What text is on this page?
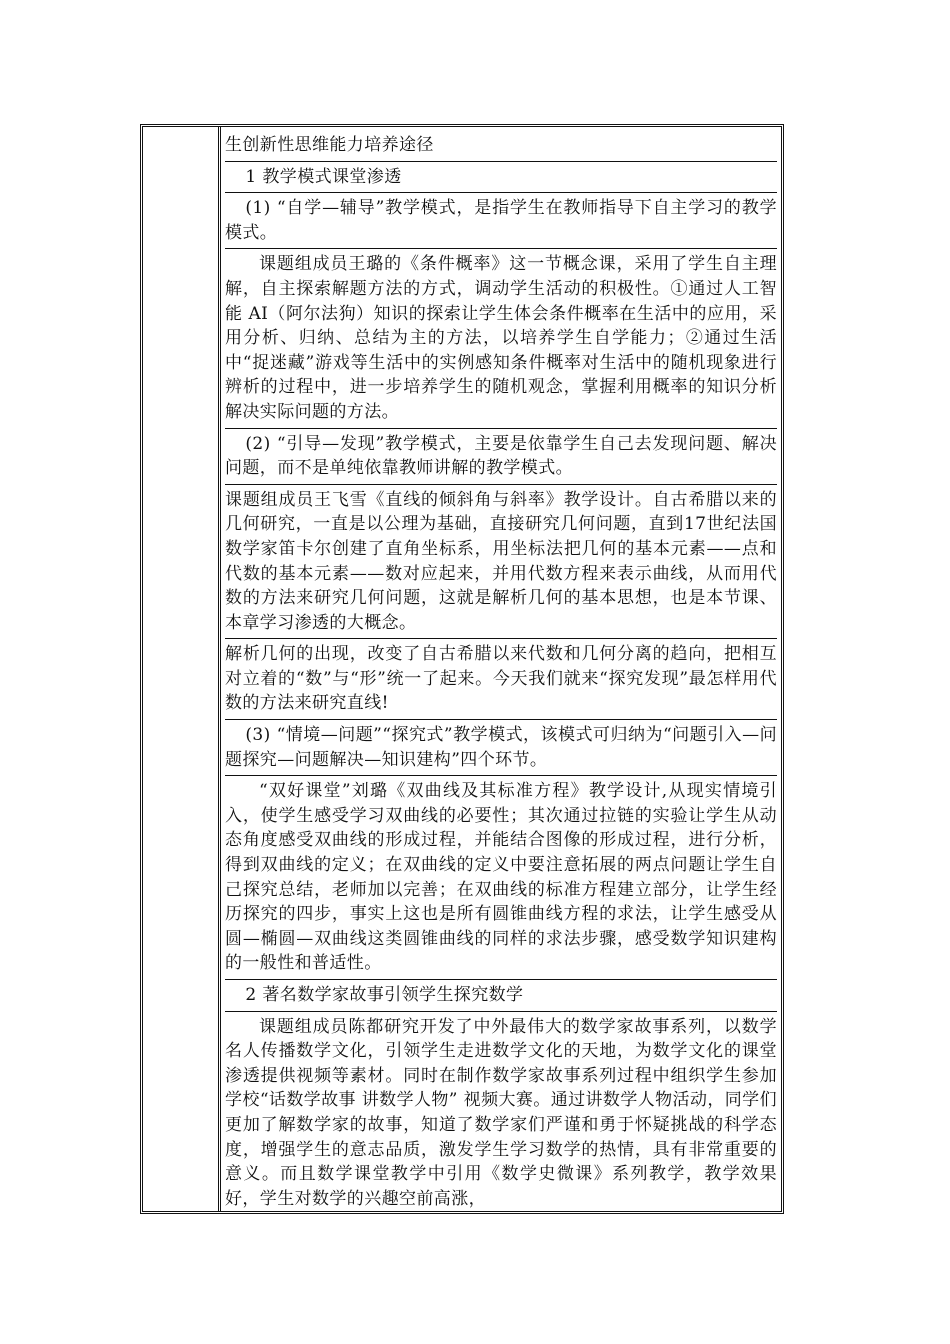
生创新性思维能力培养途径

1 教学模式课堂渗透

(1) “自学—辅导”教学模式，是指学生在教师指导下自主学习的教学模式。

课题组成员王璐的《条件概率》这一节概念课，采用了学生自主理解，自主探索解题方法的方式，调动学生活动的积极性。①通过人工智能 AI（阿尔法狗）知识的探索让学生体会条件概率在生活中的应用，采用分析、归纳、总结为主的方法，以培养学生自学能力；②通过生活中“捉迷藏”游戏等生活中的实例感知条件概率对生活中的随机现象进行辨析的过程中，进一步培养学生的随机观念，掌握利用概率的知识分析解决实际问题的方法。

(2) “引导—发现”教学模式，主要是依靠学生自己去发现问题、解决问题，而不是单纯依靠教师讲解的教学模式。

课题组成员王飞雪《直线的倾斜角与斜率》教学设计。自古希腊以来的几何研究，一直是以公理为基础，直接研究几何问题，直到17世纪法国数学家笛卡尔创建了直角坐标系，用坐标法把几何的基本元素——点和代数的基本元素——数对应起来，并用代数方程来表示曲线，从而用代数的方法来研究几何问题，这就是解析几何的基本思想，也是本节课、本章学习渗透的大概念。

解析几何的出现，改变了自古希腊以来代数和几何分离的趋向，把相互对立着的“数”与“形”统一了起来。今天我们就来“探究发现”最怎样用代数的方法来研究直线!

(3) “情境—问题”“探究式”教学模式，该模式可归纳为“问题引入—问题探究—问题解决—知识建构”四个环节。

“双好课堂”刘璐《双曲线及其标准方程》教学设计,从现实情境引入，使学生感受学习双曲线的必要性；其次通过拉链的实验让学生从动态角度感受双曲线的形成过程，并能结合图像的形成过程，进行分析，得到双曲线的定义；在双曲线的定义中要注意拓展的两点问题让学生自己探究总结，老师加以完善；在双曲线的标准方程建立部分，让学生经历探究的四步，事实上这也是所有圆锥曲线方程的求法，让学生感受从圆—椭圆—双曲线这类圆锥曲线的同样的求法步骤，感受数学知识建构的一般性和普适性。

2 著名数学家故事引领学生探究数学

课题组成员陈都研究开发了中外最伟大的数学家故事系列，以数学名人传播数学文化，引领学生走进数学文化的天地，为数学文化的课堂渗透提供视频等素材。同时在制作数学家故事系列过程中组织学生参加学校“话数学故事 讲数学人物” 视频大赛。通过讲数学人物活动，同学们更加了解数学家的故事，知道了数学家们严谨和勇于怀疑挑战的科学态度，增强学生的意志品质，激发学生学习数学的热情，具有非常重要的意义。而且数学课堂教学中引用《数学史微课》系列教学，教学效果好，学生对数学的兴趣空前高涨，
